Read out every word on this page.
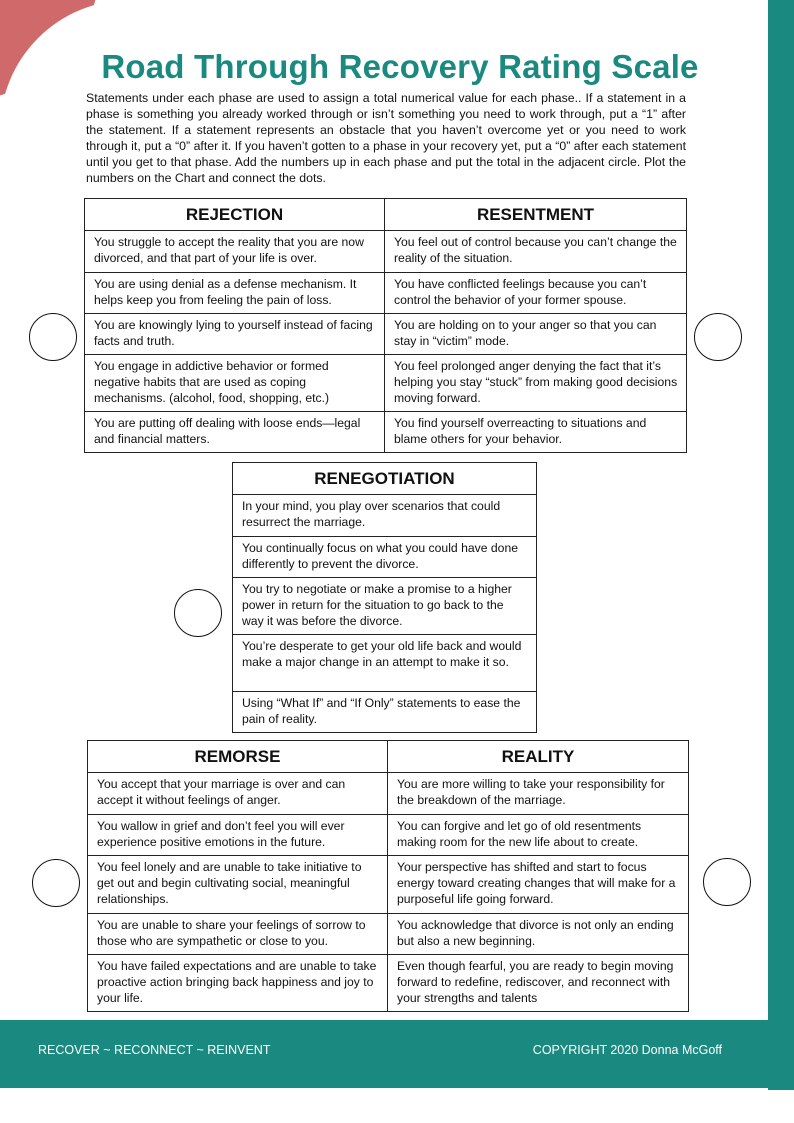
Road Through Recovery Rating Scale
Statements under each phase are used to assign a total numerical value for each phase.. If a statement in a phase is something you already worked through or isn’t something you need to work through, put a “1” after the statement. If a statement represents an obstacle that you haven’t overcome yet or you need to work through it, put a “0” after it. If you haven’t gotten to a phase in your recovery yet, put a “0” after each statement until you get to that phase. Add the numbers up in each phase and put the total in the adjacent circle. Plot the numbers on the Chart and connect the dots.
REJECTION	RESENTMENT
You struggle to accept the reality that you are now divorced, and that part of your life is over.	You feel out of control because you can’t change the reality of the situation.
You are using denial as a defense mechanism. It helps keep you from feeling the pain of loss.	You have conflicted feelings because you can’t control the behavior of your former spouse.
You are knowingly lying to yourself instead of facing facts and truth.	You are holding on to your anger so that you can stay in “victim” mode.
You engage in addictive behavior or formed negative habits that are used as coping mechanisms. (alcohol, food, shopping, etc.)	You feel prolonged anger denying the fact that it’s helping you stay “stuck” from making good decisions moving forward.
You are putting off dealing with loose ends—legal and financial matters.	You find yourself overreacting to situations and blame others for your behavior.
RENEGOTIATION
In your mind, you play over scenarios that could resurrect the marriage.
You continually focus on what you could have done differently to prevent the divorce.
You try to negotiate or make a promise to a higher power in return for the situation to go back to the way it was before the divorce.
You’re desperate to get your old life back and would make a major change in an attempt to make it so.
Using “What If” and “If Only” statements to ease the pain of reality.
REMORSE	REALITY
You accept that your marriage is over and can accept it without feelings of anger.	You are more willing to take your responsibility for the breakdown of the marriage.
You wallow in grief and don’t feel you will ever experience positive emotions in the future.	You can forgive and let go of old resentments making room for the new life about to create.
You feel lonely and are unable to take initiative to get out and begin cultivating social, meaningful relationships.	Your perspective has shifted and start to focus energy toward creating changes that will make for a purposeful life going forward.
You are unable to share your feelings of sorrow to those who are sympathetic or close to you.	You acknowledge that divorce is not only an ending but also a new beginning.
You have failed expectations and are unable to take proactive action bringing back happiness and joy to your life.	Even though fearful, you are ready to begin moving forward to redefine, rediscover, and reconnect with your strengths and talents
RECOVER ~ RECONNECT ~ REINVENT	COPYRIGHT 2020 Donna McGoff
